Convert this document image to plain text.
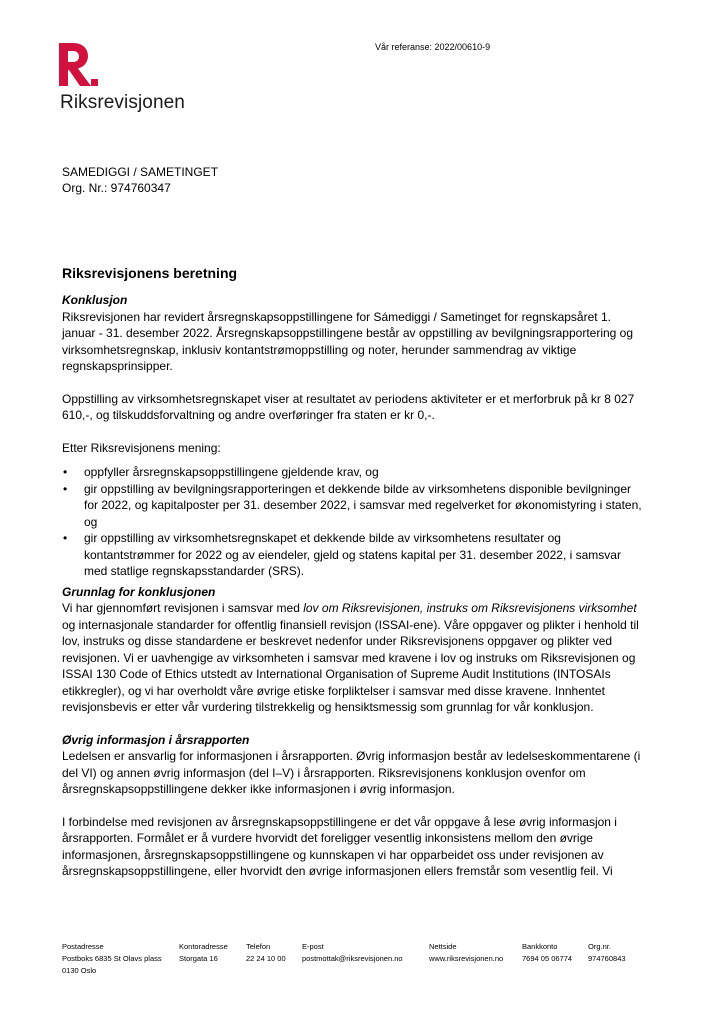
Riksrevisjonen
Vår referanse: 2022/00610-9
SAMEDIGGI / SAMETINGET
Org. Nr.: 974760347
Riksrevisjonens beretning
Konklusjon

Riksrevisjonen har revidert årsregnskapsoppstillingene for Sámediggi / Sametinget for regnskapsåret 1. januar - 31. desember 2022. Årsregnskapsoppstillingene består av oppstilling av bevilgningsrapportering og virksomhetsregnskap, inklusiv kontantstrømoppstilling og noter, herunder sammendrag av viktige regnskapsprinsipper.

Oppstilling av virksomhetsregnskapet viser at resultatet av periodens aktiviteter er et merforbruk på kr 8 027 610,-, og tilskuddsforvaltning og andre overføringer fra staten er kr 0,-.

Etter Riksrevisjonens mening:

• oppfyller årsregnskapsoppstillingene gjeldende krav, og
• gir oppstilling av bevilgningsrapporteringen et dekkende bilde av virksomhetens disponible bevilgninger for 2022, og kapitalposter per 31. desember 2022, i samsvar med regelverket for økonomistyring i staten, og
• gir oppstilling av virksomhetsregnskapet et dekkende bilde av virksomhetens resultater og kontantstrømmer for 2022 og av eiendeler, gjeld og statens kapital per 31. desember 2022, i samsvar med statlige regnskapsstandarder (SRS).
Grunnlag for konklusjonen

Vi har gjennomført revisjonen i samsvar med lov om Riksrevisjonen, instruks om Riksrevisjonens virksomhet og internasjonale standarder for offentlig finansiell revisjon (ISSAI-ene). Våre oppgaver og plikter i henhold til lov, instruks og disse standardene er beskrevet nedenfor under Riksrevisjonens oppgaver og plikter ved revisjonen. Vi er uavhengige av virksomheten i samsvar med kravene i lov og instruks om Riksrevisjonen og ISSAI 130 Code of Ethics utstedt av International Organisation of Supreme Audit Institutions (INTOSAIs etikkregler), og vi har overholdt våre øvrige etiske forpliktelser i samsvar med disse kravene. Innhentet revisjonsbevis er etter vår vurdering tilstrekkelig og hensiktsmessig som grunnlag for vår konklusjon.

Øvrig informasjon i årsrapporten

Ledelsen er ansvarlig for informasjonen i årsrapporten. Øvrig informasjon består av ledelseskommentarene (i del VI) og annen øvrig informasjon (del I–V) i årsrapporten. Riksrevisjonens konklusjon ovenfor om årsregnskapsoppstillingene dekker ikke informasjonen i øvrig informasjon.

I forbindelse med revisjonen av årsregnskapsoppstillingene er det vår oppgave å lese øvrig informasjon i årsrapporten. Formålet er å vurdere hvorvidt det foreligger vesentlig inkonsistens mellom den øvrige informasjonen, årsregnskapsoppstillingene og kunnskapen vi har opparbeidet oss under revisjonen av årsregnskapsoppstillingene, eller hvorvidt den øvrige informasjonen ellers fremstår som vesentlig feil. Vi

Postadresse
Postboks 6835 St Olavs plass
0130 Oslo
Kontoradresse
Storgata 16
Telefon
22 24 10 00
E-post
postmottak@riksrevisjonen.no
Nettside
www.riksrevisjonen.no
Bankkonto
7694 05 06774
Org.nr.
974760843
